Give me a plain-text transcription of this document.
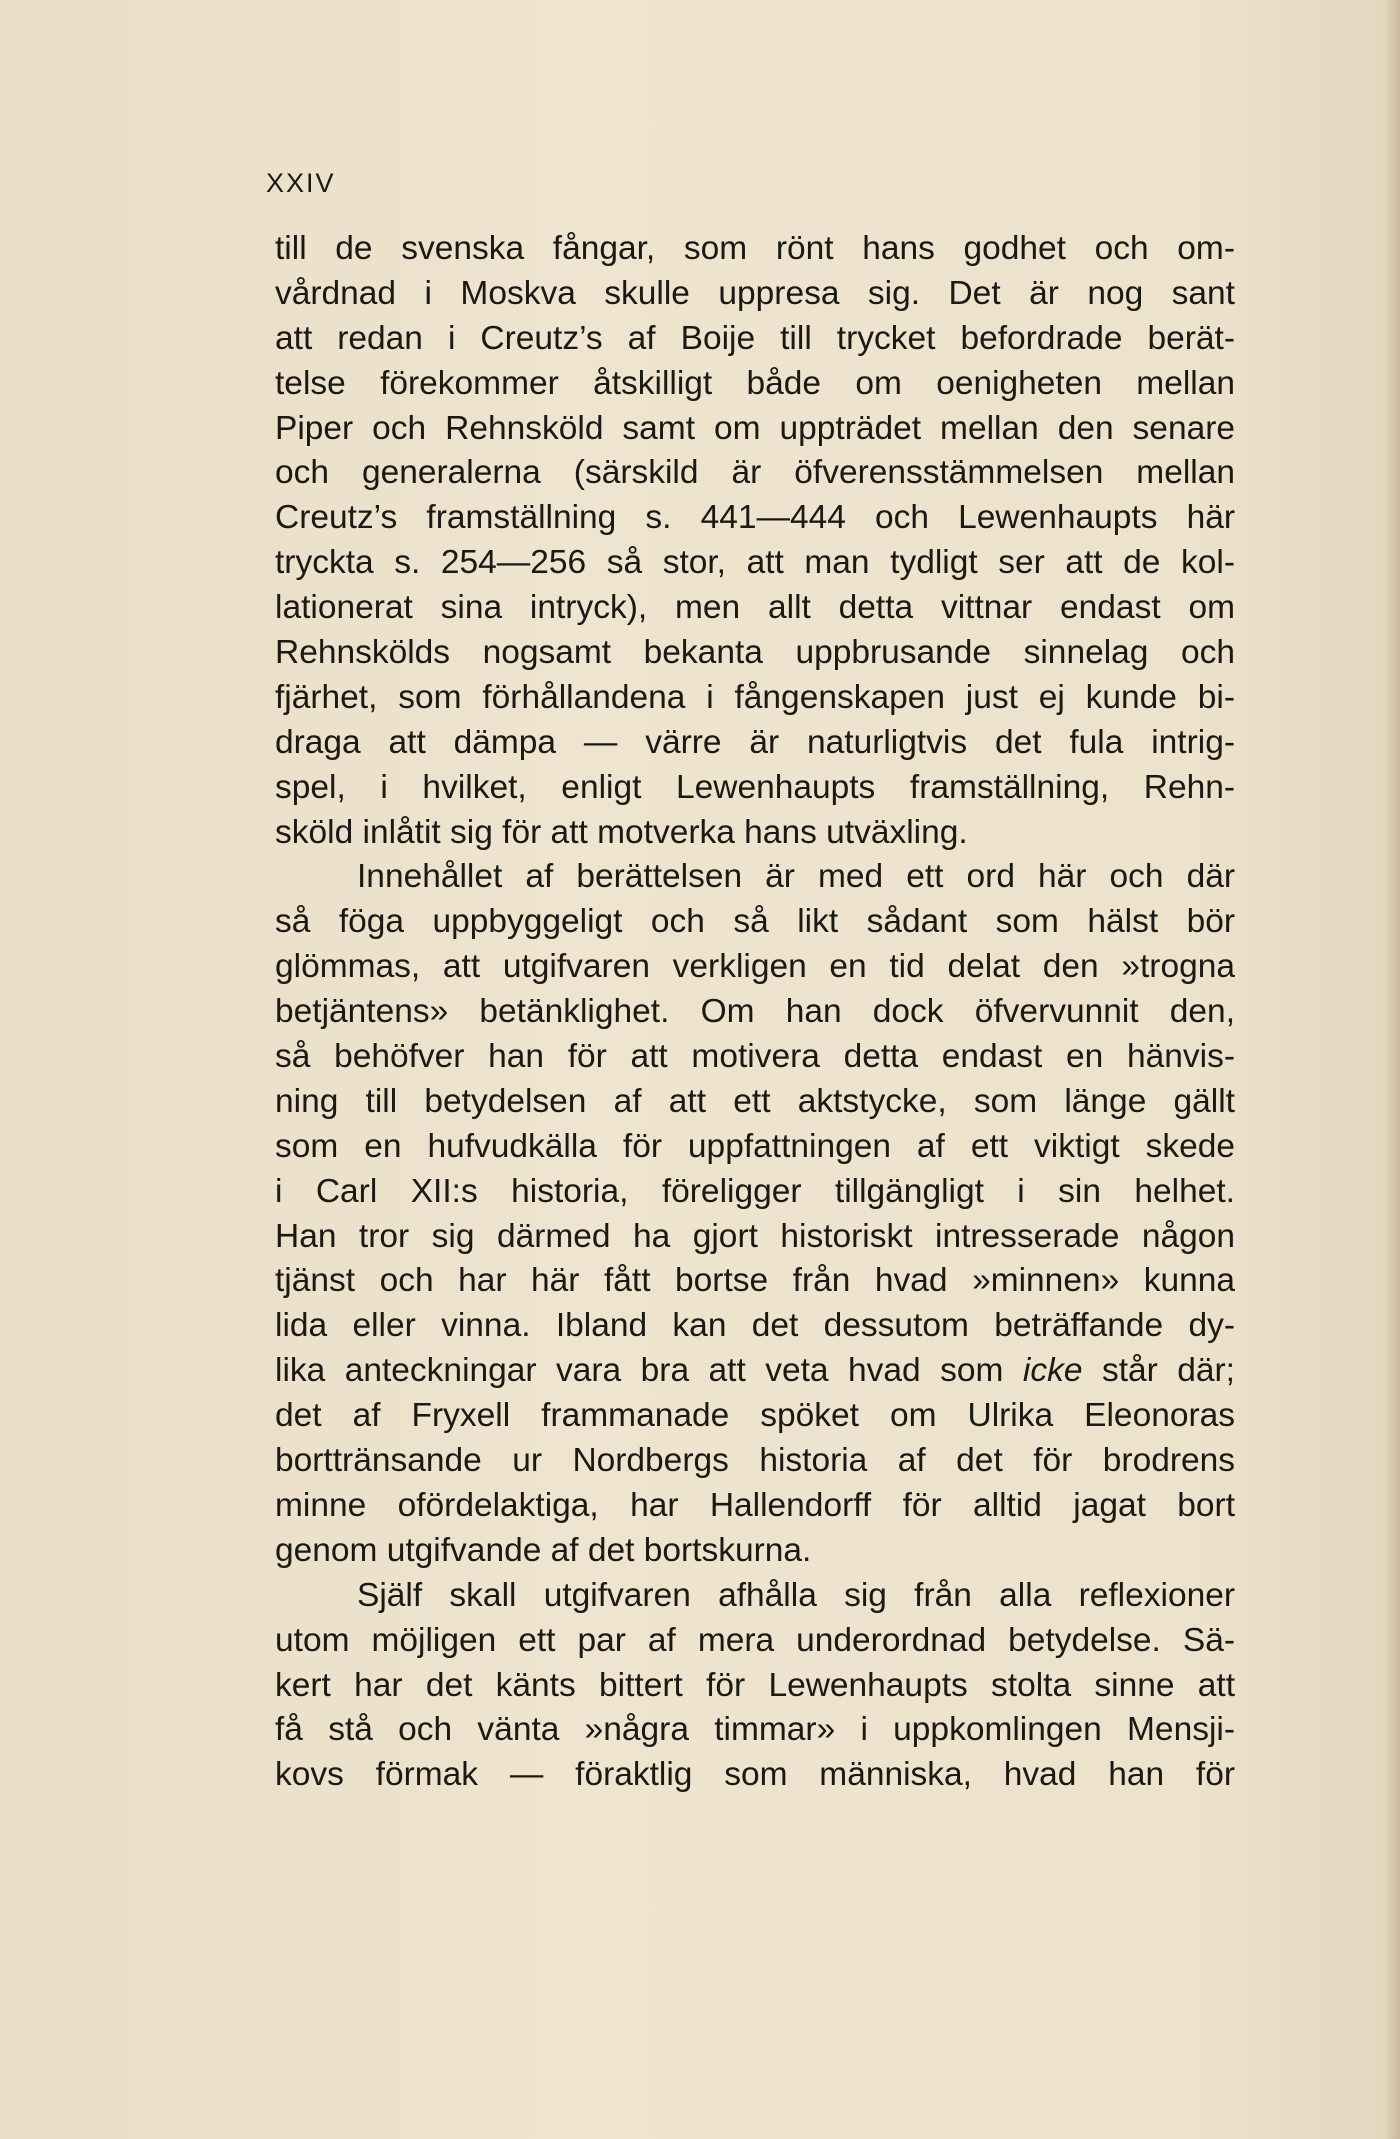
XXIV
till de svenska fångar, som rönt hans godhet och om-
vårdnad i Moskva skulle uppresa sig. Det är nog sant
att redan i Creutz’s af Boije till trycket befordrade berät-
telse förekommer åtskilligt både om oenigheten mellan
Piper och Rehnsköld samt om uppträdet mellan den senare
och generalerna (särskild är öfverensstämmelsen mellan
Creutz’s framställning s. 441—444 och Lewenhaupts här
tryckta s. 254—256 så stor, att man tydligt ser att de kol-
lationerat sina intryck), men allt detta vittnar endast om
Rehnskölds nogsamt bekanta uppbrusande sinnelag och
fjärhet, som förhållandena i fångenskapen just ej kunde bi-
draga att dämpa — värre är naturligtvis det fula intrig-
spel, i hvilket, enligt Lewenhaupts framställning, Rehn-
sköld inlåtit sig för att motverka hans utväxling.
Innehållet af berättelsen är med ett ord här och där
så föga uppbyggeligt och så likt sådant som hälst bör
glömmas, att utgifvaren verkligen en tid delat den »trogna
betjäntens» betänklighet. Om han dock öfvervunnit den,
så behöfver han för att motivera detta endast en hänvis-
ning till betydelsen af att ett aktstycke, som länge gällt
som en hufvudkälla för uppfattningen af ett viktigt skede
i Carl XII:s historia, föreligger tillgängligt i sin helhet.
Han tror sig därmed ha gjort historiskt intresserade någon
tjänst och har här fått bortse från hvad »minnen» kunna
lida eller vinna. Ibland kan det dessutom beträffande dy-
lika anteckningar vara bra att veta hvad som icke står där;
det af Fryxell frammanade spöket om Ulrika Eleonoras
borttränsande ur Nordbergs historia af det för brodrens
minne ofördelaktiga, har Hallendorff för alltid jagat bort
genom utgifvande af det bortskurna.
Själf skall utgifvaren afhålla sig från alla reflexioner
utom möjligen ett par af mera underordnad betydelse. Sä-
kert har det känts bittert för Lewenhaupts stolta sinne att
få stå och vänta »några timmar» i uppkomlingen Mensji-
kovs förmak — föraktlig som människa, hvad han för
